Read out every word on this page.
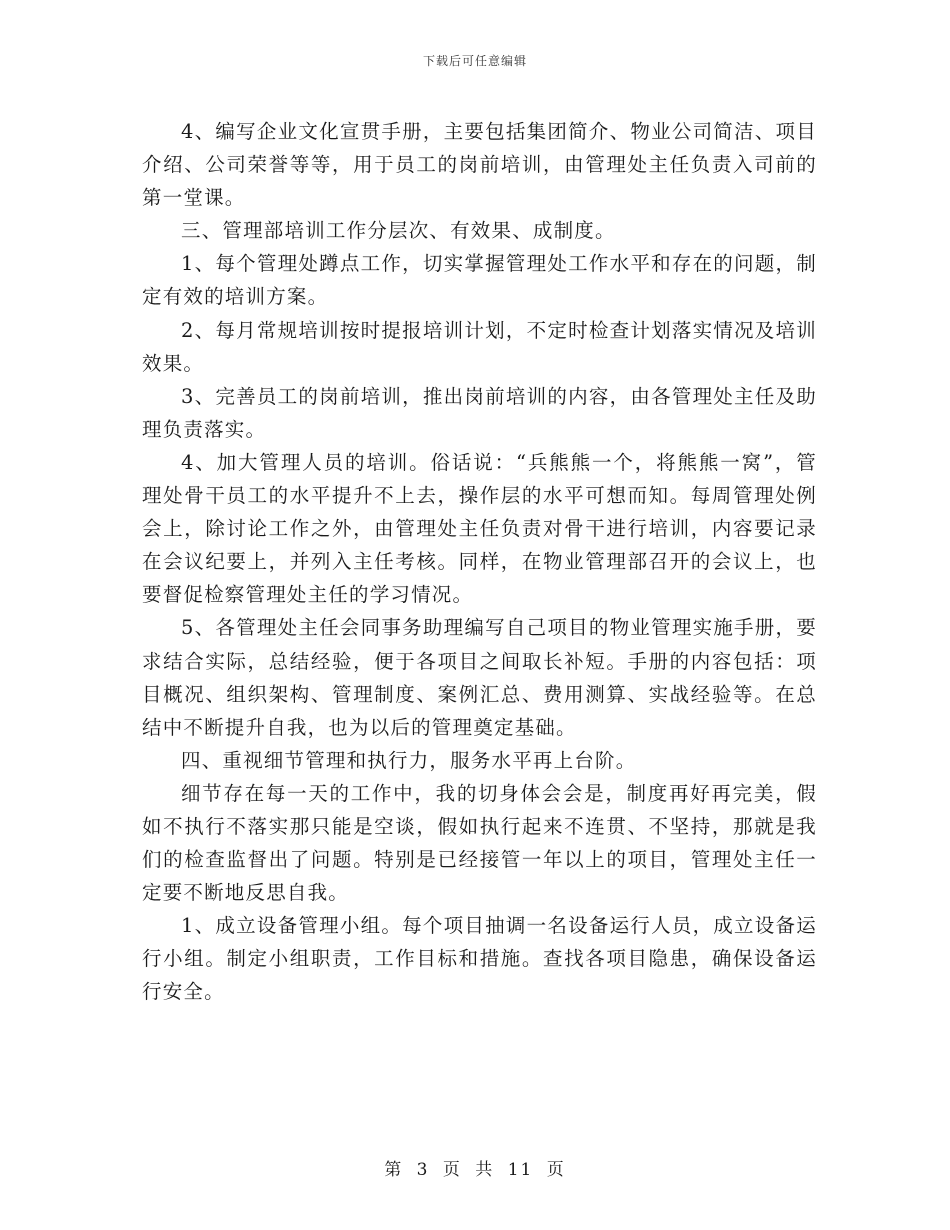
下载后可任意编辑

4、编写企业文化宣贯手册，主要包括集团简介、物业公司简洁、项目介绍、公司荣誉等等，用于员工的岗前培训，由管理处主任负责入司前的第一堂课。

三、管理部培训工作分层次、有效果、成制度。

1、每个管理处蹲点工作，切实掌握管理处工作水平和存在的问题，制定有效的培训方案。

2、每月常规培训按时提报培训计划，不定时检查计划落实情况及培训效果。

3、完善员工的岗前培训，推出岗前培训的内容，由各管理处主任及助理负责落实。

4、加大管理人员的培训。俗话说：“兵熊熊一个，将熊熊一窝”，管理处骨干员工的水平提升不上去，操作层的水平可想而知。每周管理处例会上，除讨论工作之外，由管理处主任负责对骨干进行培训，内容要记录在会议纪要上，并列入主任考核。同样，在物业管理部召开的会议上，也要督促检察管理处主任的学习情况。

5、各管理处主任会同事务助理编写自己项目的物业管理实施手册，要求结合实际，总结经验，便于各项目之间取长补短。手册的内容包括：项目概况、组织架构、管理制度、案例汇总、费用测算、实战经验等。在总结中不断提升自我，也为以后的管理奠定基础。

四、重视细节管理和执行力，服务水平再上台阶。

细节存在每一天的工作中，我的切身体会会是，制度再好再完美，假如不执行不落实那只能是空谈，假如执行起来不连贯、不坚持，那就是我们的检查监督出了问题。特别是已经接管一年以上的项目，管理处主任一定要不断地反思自我。

1、成立设备管理小组。每个项目抽调一名设备运行人员，成立设备运行小组。制定小组职责，工作目标和措施。查找各项目隐患，确保设备运行安全。

第 3 页 共 11 页
